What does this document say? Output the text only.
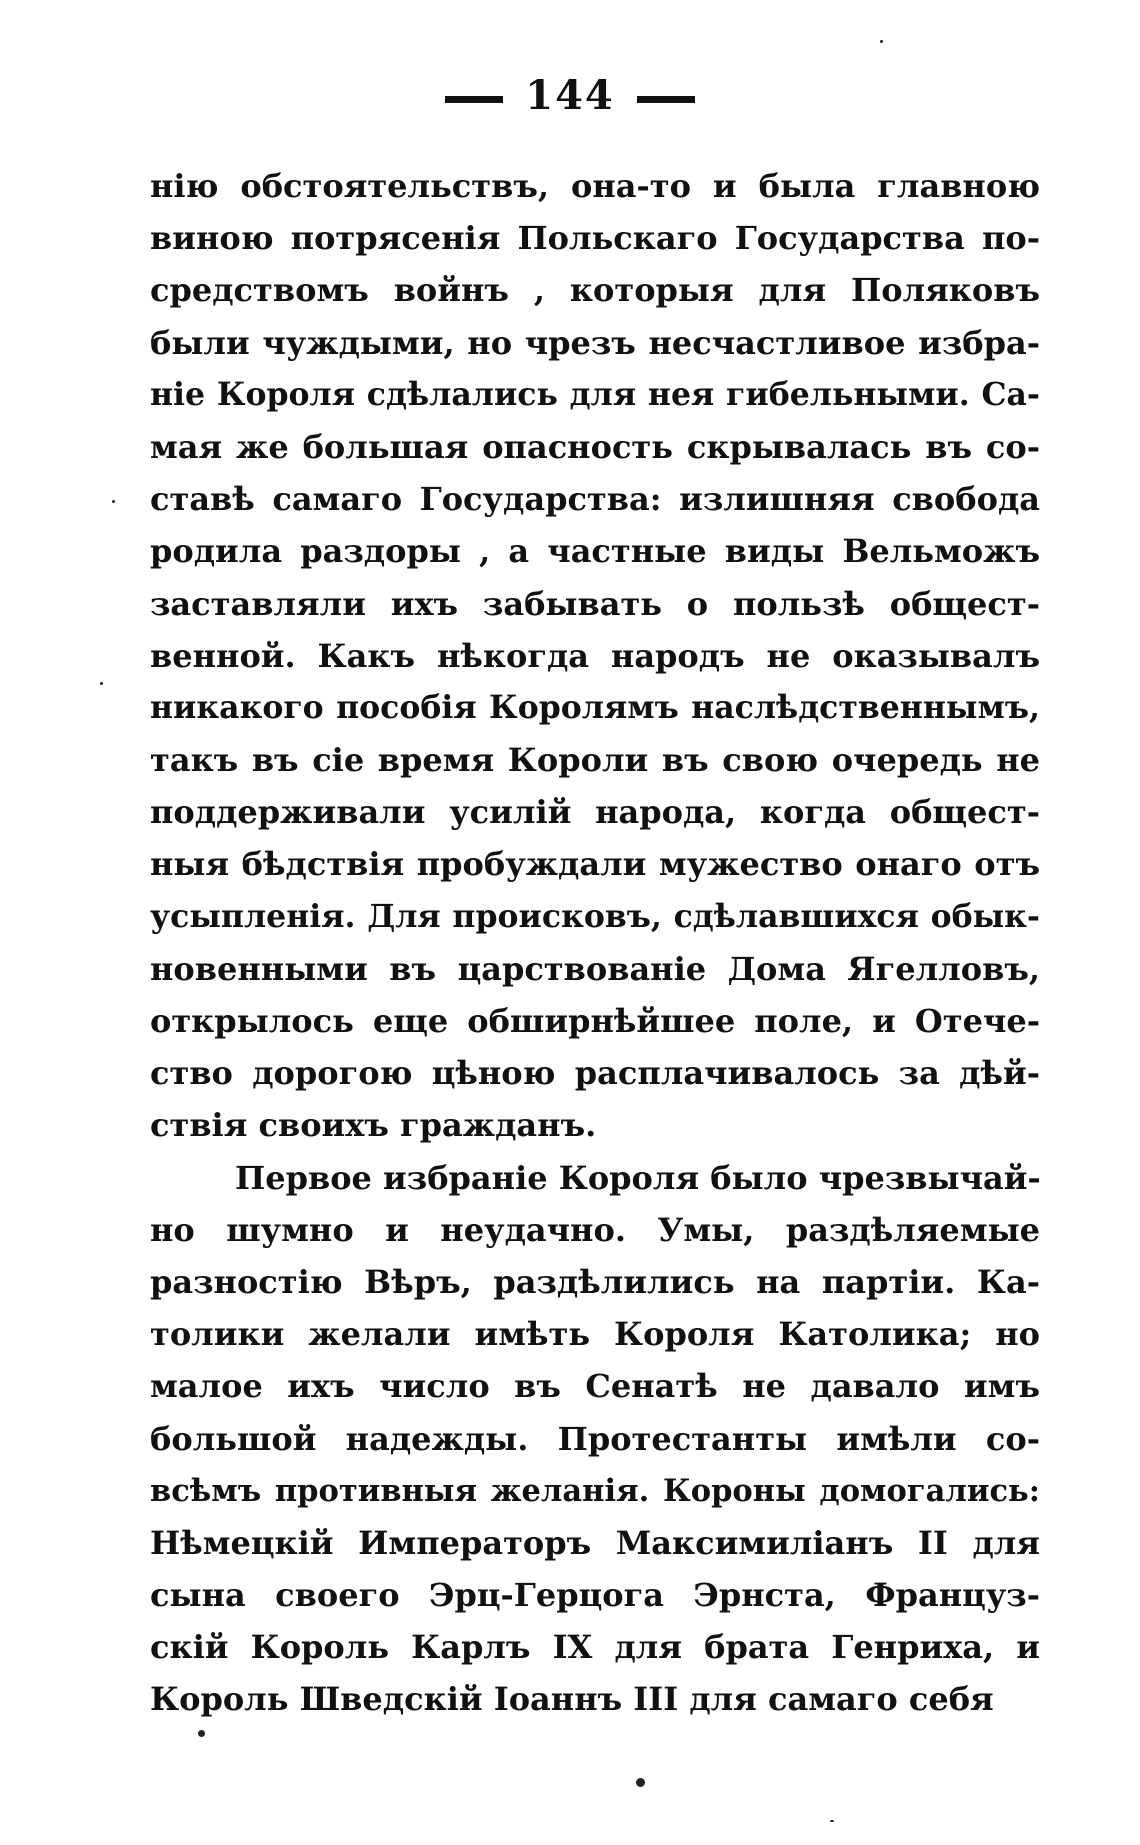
144
нію обстоятельствъ, она-то и была главною
виною потрясенія Польскаго Государства по-
средствомъ войнъ , которыя для Поляковъ
были чуждыми, но чрезъ несчастливое избра-
ніе Короля сдѣлались для нея гибельными. Са-
мая же большая опасность скрывалась въ со-
ставѣ самаго Государства: излишняя свобода
родила раздоры , а частные виды Вельможъ
заставляли ихъ забывать о пользѣ общест-
венной. Какъ нѣкогда народъ не оказывалъ
никакого пособія Королямъ наслѣдственнымъ,
такъ въ сіе время Короли въ свою очередь не
поддерживали усилій народа, когда общест-
ныя бѣдствія пробуждали мужество онаго отъ
усыпленія. Для происковъ, сдѣлавшихся обык-
новенными въ царствованіе Дома Ягелловъ,
открылось еще обширнѣйшее поле, и Отече-
ство дорогою цѣною расплачивалось за дѣй-
ствія своихъ гражданъ.
Первое избраніе Короля было чрезвычай-
но шумно и неудачно. Умы, раздѣляемые
разностію Вѣръ, раздѣлились на партіи. Ка-
толики желали имѣть Короля Католика; но
малое ихъ число въ Сенатѣ не давало имъ
большой надежды. Протестанты имѣли со-
всѣмъ противныя желанія. Короны домогались:
Нѣмецкій Императоръ Максимиліанъ II для
сына своего Эрц-Герцога Эрнста, Француз-
скій Король Карлъ IX для брата Генриха, и
Король Шведскій Іоаннъ III для самаго себя
